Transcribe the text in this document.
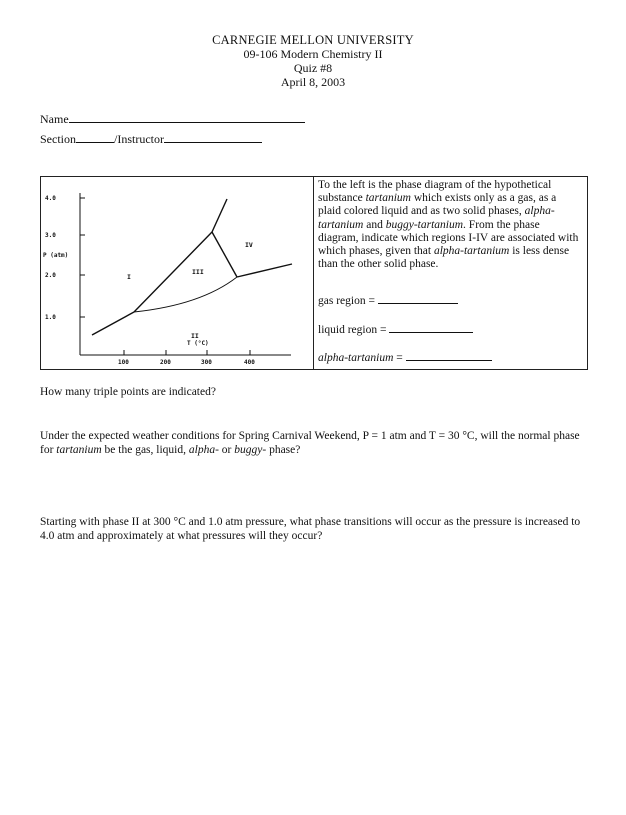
CARNEGIE MELLON UNIVERSITY
09-106 Modern Chemistry II
Quiz #8
April 8, 2003
Name
Section	/Instructor
4.0
3.0
2.0
1.0
P (atm)
100	200	300	400
T (°C)
I
II
III
IV

To the left is the phase diagram of the hypothetical substance tartanium which exists only as a gas, as a plaid colored liquid and as two solid phases, alpha-tartanium and buggy-tartanium. From the phase diagram, indicate which regions I-IV are associated with which phases, given that alpha-tartanium is less dense than the other solid phase.

gas region =
liquid region =
alpha-tartanium =
How many triple points are indicated?
Under the expected weather conditions for Spring Carnival Weekend, P = 1 atm and T = 30 °C, will the normal phase for tartanium be the gas, liquid, alpha- or buggy- phase?
Starting with phase II at 300 °C and 1.0 atm pressure, what phase transitions will occur as the pressure is increased to 4.0 atm and approximately at what pressures will they occur?
